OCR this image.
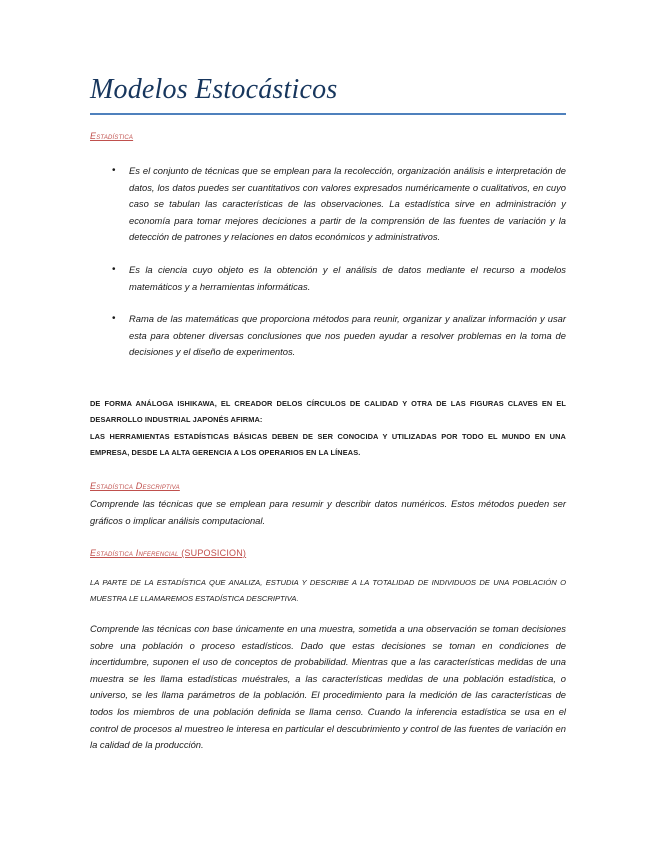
Modelos Estocásticos
Estadística
• Es el conjunto de técnicas que se emplean para la recolección, organización análisis e interpretación de datos, los datos puedes ser cuantitativos con valores expresados numéricamente o cualitativos, en cuyo caso se tabulan las características de las observaciones. La estadística sirve en administración y economía para tomar mejores deciciones a partir de la comprensión de las fuentes de variación y la detección de patrones y relaciones en datos económicos y administrativos.
• Es la ciencia cuyo objeto es la obtención y el análisis de datos mediante el recurso a modelos matemáticos y a herramientas informáticas.
• Rama de las matemáticas que proporciona métodos para reunir, organizar y analizar información y usar esta para obtener diversas conclusiones que nos pueden ayudar a resolver problemas en la toma de decisiones y el diseño de experimentos.

DE FORMA ANÁLOGA ISHIKAWA, EL CREADOR DELOS CÍRCULOS DE CALIDAD Y OTRA DE LAS FIGURAS CLAVES EN EL DESARROLLO INDUSTRIAL JAPONÉS AFIRMA:

LAS HERRAMIENTAS ESTADÍSTICAS BÁSICAS DEBEN DE SER CONOCIDA Y UTILIZADAS POR TODO EL MUNDO EN UNA EMPRESA, DESDE LA ALTA GERENCIA A LOS OPERARIOS EN LA LÍNEAS.

Estadística Descriptiva

Comprende las técnicas que se emplean para resumir y describir datos numéricos. Estos métodos pueden ser gráficos o implicar análisis computacional.

Estadística Inferencial (SUPOSICION)

LA PARTE DE LA ESTADÍSTICA QUE ANALIZA, ESTUDIA Y DESCRIBE A LA TOTALIDAD DE INDIVIDUOS DE UNA POBLACIÓN O MUESTRA LE LLAMAREMOS ESTADÍSTICA DESCRIPTIVA.

Comprende las técnicas con base únicamente en una muestra, sometida a una observación se toman decisiones sobre una población o proceso estadísticos. Dado que estas decisiones se toman en condiciones de incertidumbre, suponen el uso de conceptos de probabilidad. Mientras que a las características medidas de una muestra se les llama estadísticas muéstrales, a las características medidas de una población estadística, o universo, se les llama parámetros de la población. El procedimiento para la medición de las características de todos los miembros de una población definida se llama censo. Cuando la inferencia estadística se usa en el control de procesos al muestreo le interesa en particular el descubrimiento y control de las fuentes de variación en la calidad de la producción.
